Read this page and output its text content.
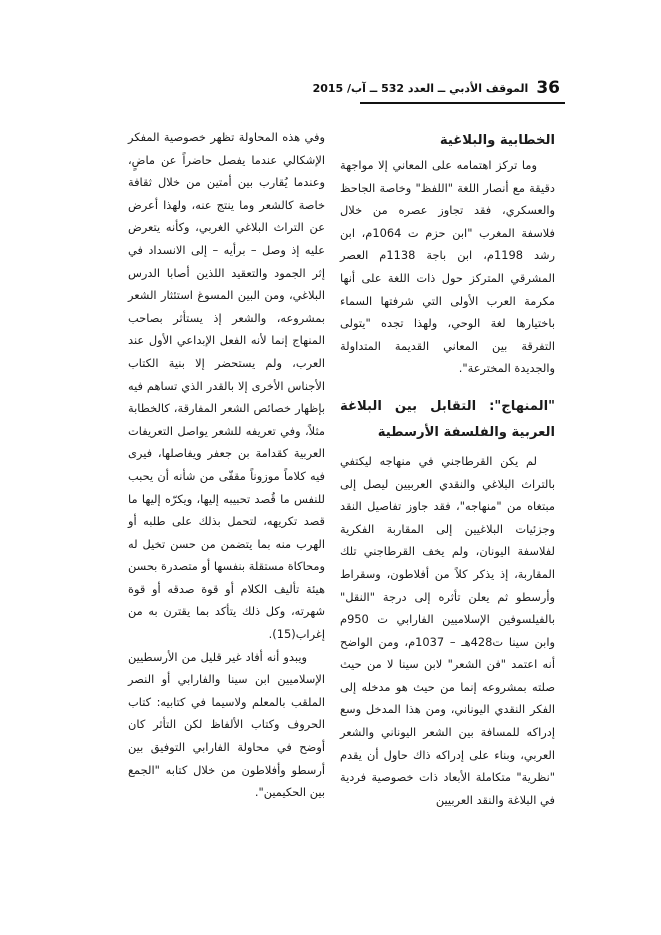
36
الموقف الأدبي ــ العدد 532 ــ آب/ 2015
الخطابية والبلاغية

وما تركز اهتمامه على المعاني إلا مواجهة دقيقة مع أنصار اللغة "اللفظ" وخاصة الجاحظ والعسكري، فقد تجاوز عصره من خلال فلاسفة المغرب "ابن حزم ت 1064م، ابن رشد 1198م، ابن باجة 1138م العصر المشرقي المتركز حول ذات اللغة على أنها مكرمة العرب الأولى التي شرفتها السماء باختيارها لغة الوحي، ولهذا تجده "يتولى التفرقة بين المعاني القديمة المتداولة والجديدة المخترعة".

"المنهاج": التقابل بين البلاغة العربية والفلسفة الأرسطية

لم يكن القرطاجني في منهاجه ليكتفي بالتراث البلاغي والنقدي العربيين ليصل إلى مبتغاه من "منهاجه"، فقد جاوز تفاصيل النقد وجزئيات البلاغيين إلى المقاربة الفكرية لفلاسفة اليونان، ولم يخف القرطاجني تلك المقاربة، إذ يذكر كلاً من أفلاطون، وسقراط وأرسطو ثم يعلن تأثره إلى درجة "النقل" بالفيلسوفين الإسلاميين الفارابي ت 950م وابن سينا ت428هـ – 1037م، ومن الواضح أنه اعتمد "فن الشعر" لابن سينا لا من حيث صلته بمشروعه إنما من حيث هو مدخله إلى الفكر النقدي اليوناني، ومن هذا المدخل وسع إدراكه للمسافة بين الشعر اليوناني والشعر العربي، وبناء على إدراكه ذاك حاول أن يقدم "نظرية" متكاملة الأبعاد ذات خصوصية فردية في البلاغة والنقد العربيين

وفي هذه المحاولة تظهر خصوصية المفكر الإشكالي عندما يفصل حاضراً عن ماضٍ، وعندما يُقارب بين أمتين من خلال ثقافة خاصة كالشعر وما ينتج عنه، ولهذا أعرض عن التراث البلاغي الغربي، وكأنه يتعرض عليه إذ وصل – برأيه – إلى الانسداد في إثر الجمود والتعقيد اللذين أصابا الدرس البلاغي، ومن البين المسوغ استئثار الشعر بمشروعه، والشعر إذ يستأثر بصاحب المنهاج إنما لأنه الفعل الإبداعي الأول عند العرب، ولم يستحضر إلا بنية الكتاب الأجناس الأخرى إلا بالقدر الذي تساهم فيه بإظهار خصائص الشعر المفارقة، كالخطابة مثلاً، وفي تعريفه للشعر يواصل التعريفات العربية كقدامة بن جعفر ويفاصلها، فيرى فيه كلاماً موزوناً مقفّى من شأنه أن يحبب للنفس ما قُصد تحبيبه إليها، ويكرّه إليها ما قصد تكريهه، لتحمل بذلك على طلبه أو الهرب منه بما يتضمن من حسن تخيل له ومحاكاة مستقلة بنفسها أو متصدرة بحسن هيئة تأليف الكلام أو قوة صدقه أو قوة شهرته، وكل ذلك يتأكد بما يقترن به من إغراب(15).

ويبدو أنه أفاد غير قليل من الأرسطيين الإسلاميين ابن سينا والفارابي أو النصر الملقب بالمعلم ولاسيما في كتابيه: كتاب الحروف وكتاب الألفاظ لكن التأثر كان أوضح في محاولة الفارابي التوفيق بين أرسطو وأفلاطون من خلال كتابه "الجمع بين الحكيمين".
